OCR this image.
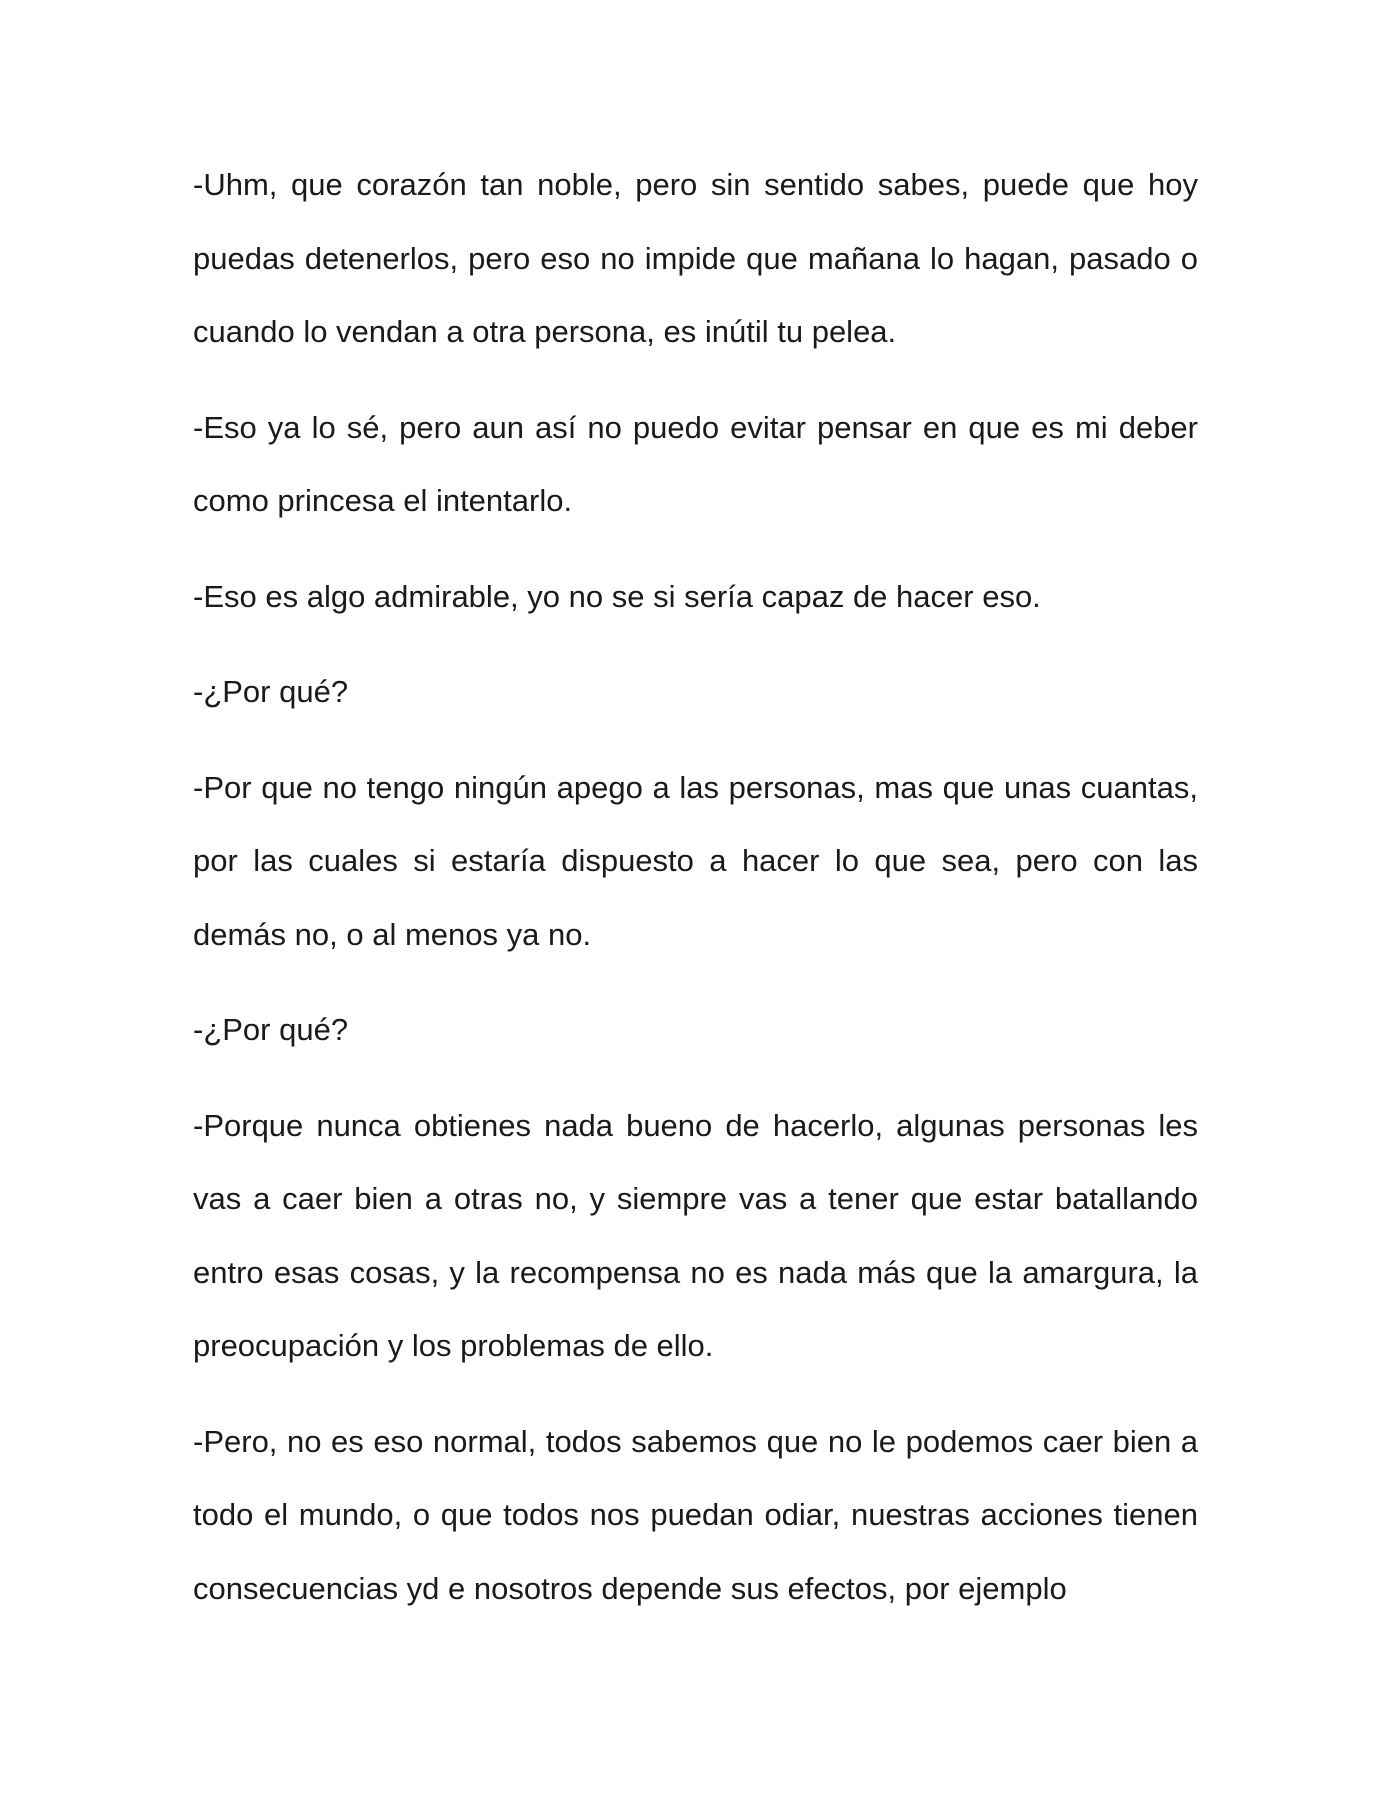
-Uhm, que corazón tan noble, pero sin sentido sabes, puede que hoy puedas detenerlos, pero eso no impide que mañana lo hagan, pasado o cuando lo vendan a otra persona, es inútil tu pelea.

-Eso ya lo sé, pero aun así no puedo evitar pensar en que es mi deber como princesa el intentarlo.

-Eso es algo admirable, yo no se si sería capaz de hacer eso.

-¿Por qué?

-Por que no tengo ningún apego a las personas, mas que unas cuantas, por las cuales si estaría dispuesto a hacer lo que sea, pero con las demás no, o al menos ya no.

-¿Por qué?

-Porque nunca obtienes nada bueno de hacerlo, algunas personas les vas a caer bien a otras no, y siempre vas a tener que estar batallando entro esas cosas, y la recompensa no es nada más que la amargura, la preocupación y los problemas de ello.

-Pero, no es eso normal, todos sabemos que no le podemos caer bien a todo el mundo, o que todos nos puedan odiar, nuestras acciones tienen consecuencias yd e nosotros depende sus efectos, por ejemplo
